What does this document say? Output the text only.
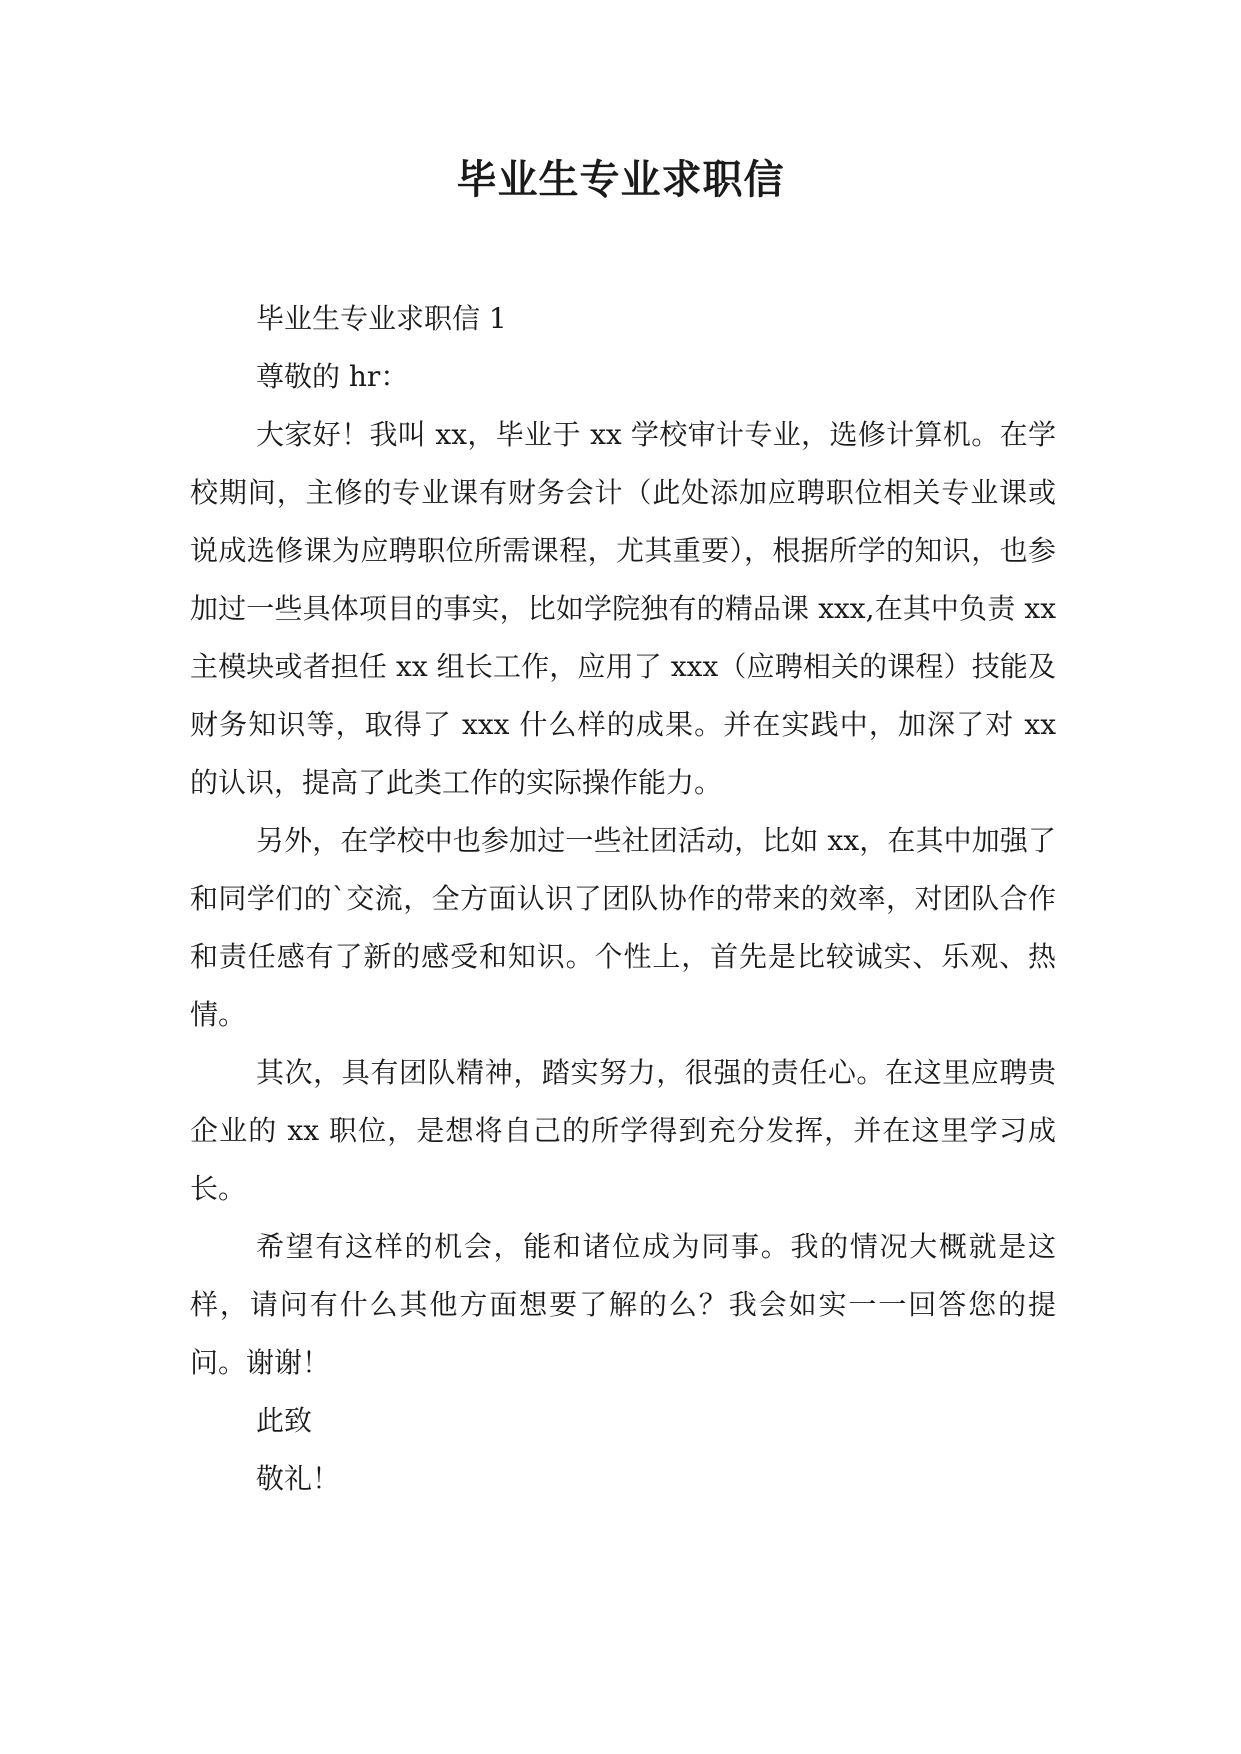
毕业生专业求职信

毕业生专业求职信 1

尊敬的 hr：

大家好！我叫 xx，毕业于 xx 学校审计专业，选修计算机。在学校期间，主修的专业课有财务会计（此处添加应聘职位相关专业课或说成选修课为应聘职位所需课程，尤其重要），根据所学的知识，也参加过一些具体项目的事实，比如学院独有的精品课 xxx,在其中负责 xx 主模块或者担任 xx 组长工作，应用了 xxx（应聘相关的课程）技能及财务知识等，取得了 xxx 什么样的成果。并在实践中，加深了对 xx 的认识，提高了此类工作的实际操作能力。

另外，在学校中也参加过一些社团活动，比如 xx，在其中加强了和同学们的`交流，全方面认识了团队协作的带来的效率，对团队合作和责任感有了新的感受和知识。个性上，首先是比较诚实、乐观、热情。

其次，具有团队精神，踏实努力，很强的责任心。在这里应聘贵企业的 xx 职位，是想将自己的所学得到充分发挥，并在这里学习成长。

希望有这样的机会，能和诸位成为同事。我的情况大概就是这样，请问有什么其他方面想要了解的么？我会如实一一回答您的提问。谢谢！

此致

敬礼！
